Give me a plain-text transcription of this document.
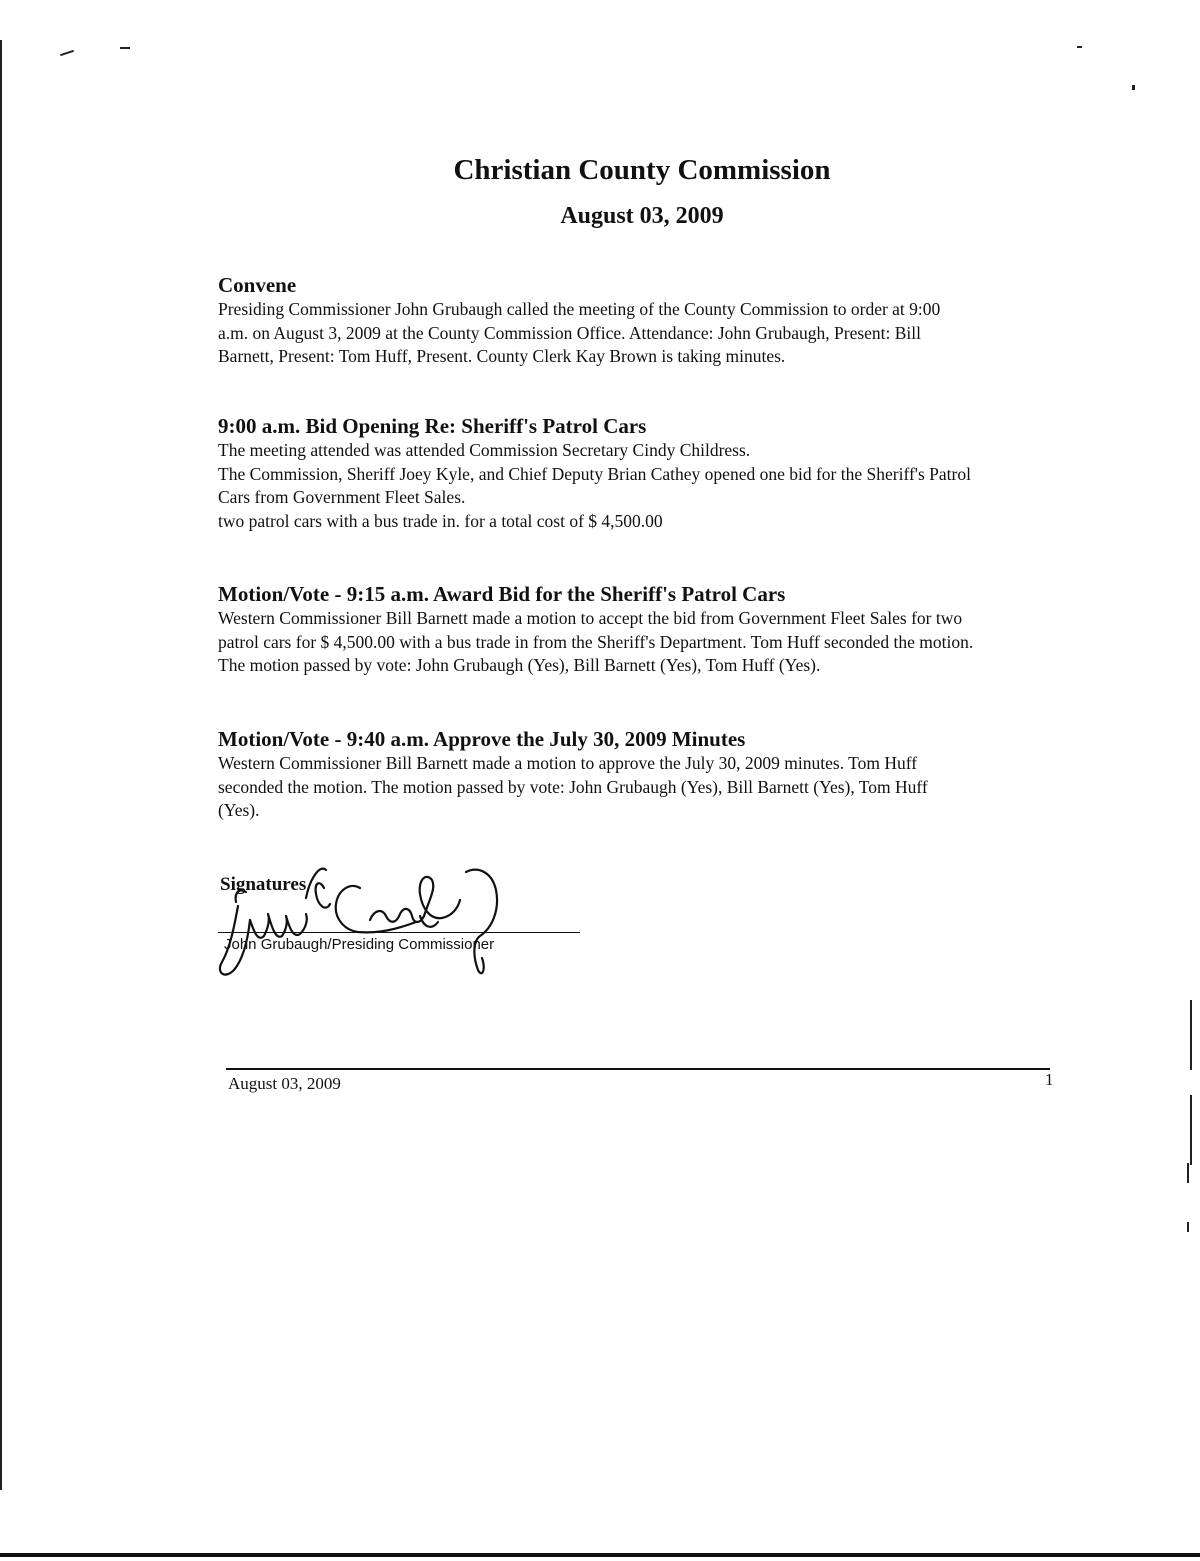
Christian County Commission
August 03, 2009
Convene

Presiding Commissioner John Grubaugh called the meeting of the County Commission to order at 9:00
a.m. on August 3, 2009 at the County Commission Office. Attendance: John Grubaugh, Present: Bill
Barnett, Present: Tom Huff, Present. County Clerk Kay Brown is taking minutes.

9:00 a.m. Bid Opening Re: Sheriff's Patrol Cars

The meeting attended was attended Commission Secretary Cindy Childress.
The Commission, Sheriff Joey Kyle, and Chief Deputy Brian Cathey opened one bid for the Sheriff's Patrol
Cars from Government Fleet Sales.
two patrol cars with a bus trade in. for a total cost of $ 4,500.00

Motion/Vote - 9:15 a.m. Award Bid for the Sheriff's Patrol Cars

Western Commissioner Bill Barnett made a motion to accept the bid from Government Fleet Sales for two
patrol cars for $ 4,500.00 with a bus trade in from the Sheriff's Department. Tom Huff seconded the motion.
The motion passed by vote: John Grubaugh (Yes), Bill Barnett (Yes), Tom Huff (Yes).

Motion/Vote - 9:40 a.m. Approve the July 30, 2009 Minutes

Western Commissioner Bill Barnett made a motion to approve the July 30, 2009 minutes. Tom Huff
seconded the motion. The motion passed by vote: John Grubaugh (Yes), Bill Barnett (Yes), Tom Huff
(Yes).

Signatures
John Grubaugh/Presiding Commissioner
August 03, 2009	1
